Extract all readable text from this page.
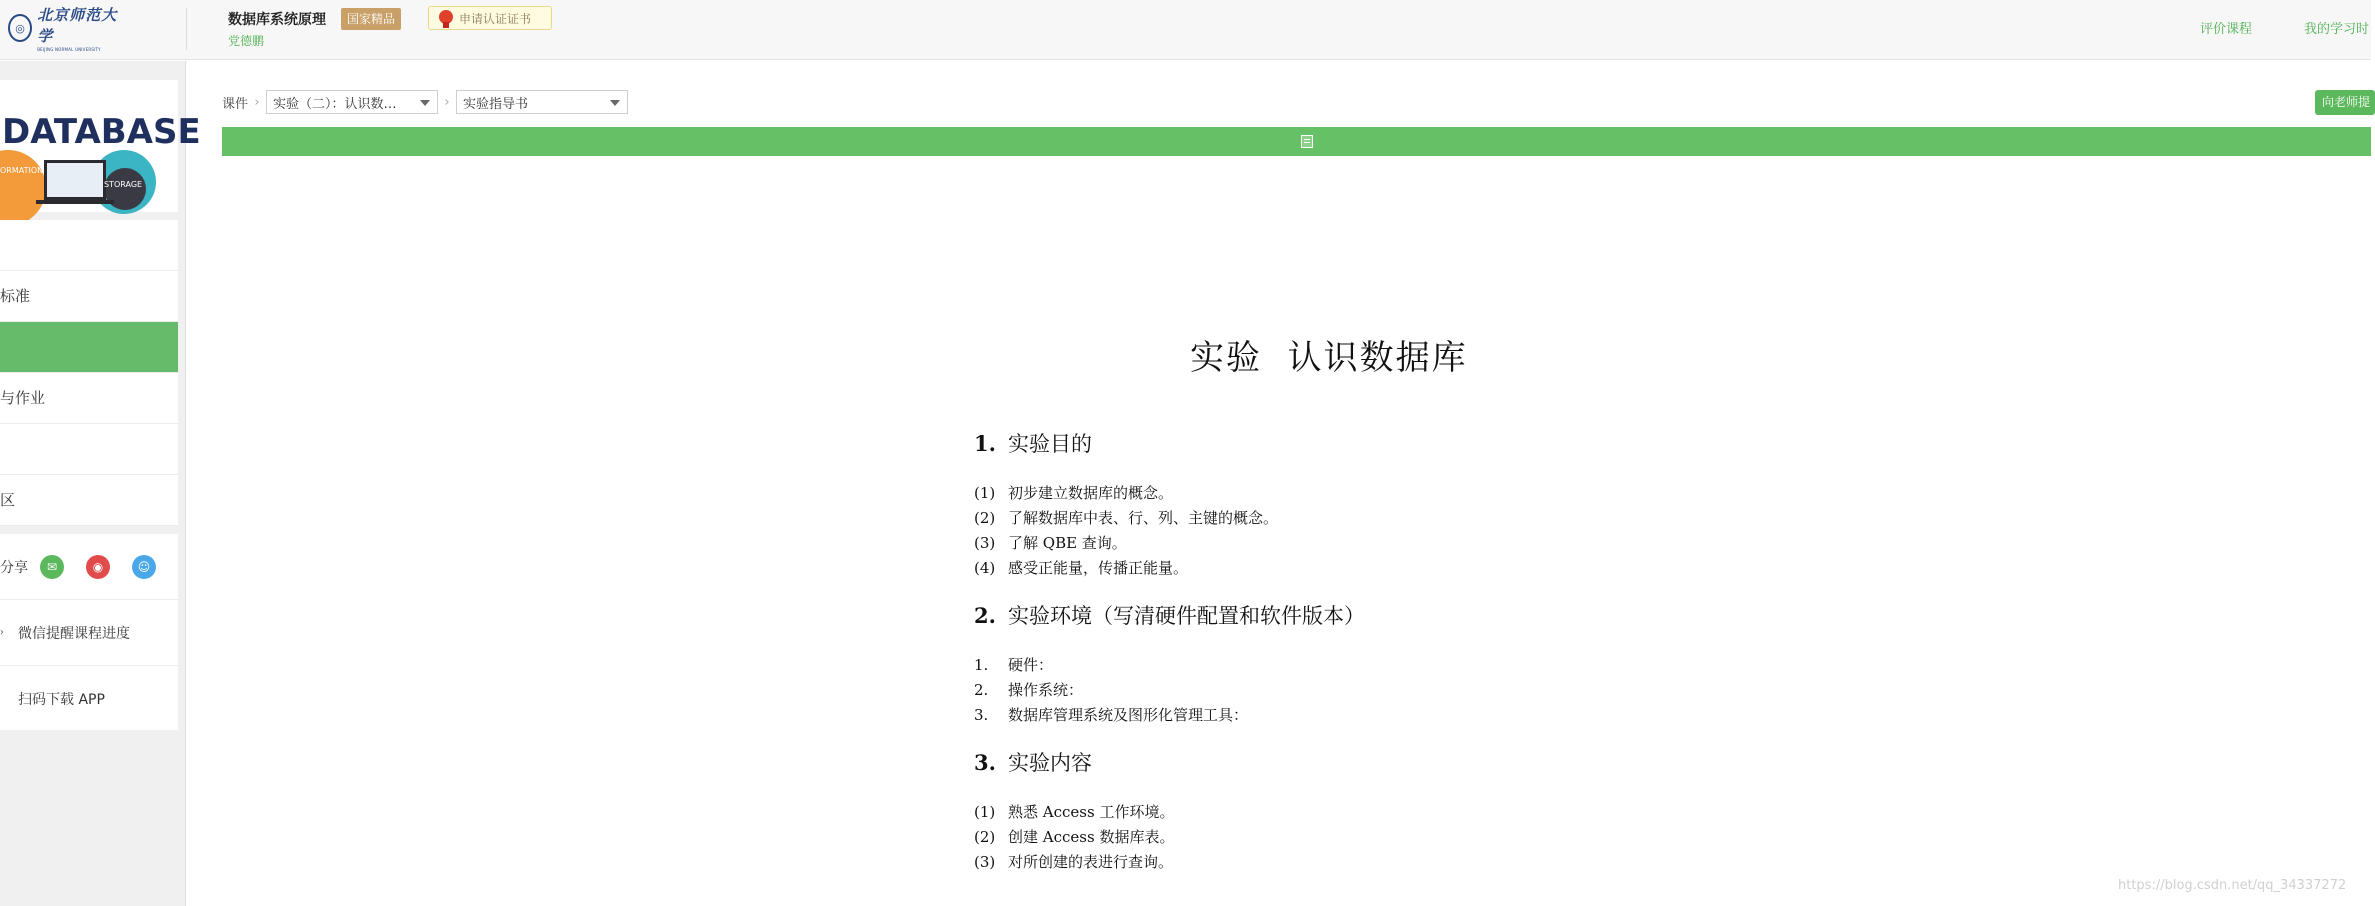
◎
北京师范大学
BEIJING NORMAL UNIVERSITY
数据库系统原理	国家精品	申请认证证书
党德鹏
评价课程	我的学习时
DATABASE
ORMATION
STORAGE
标准
与作业
区
分享	✉	◉	☺
› 微信提醒课程进度
扫码下载 APP
课件 ›	实验（二）：认识数…	›	实验指导书	向老师提
实验  认识数据库
1. 实验目的
(1) 初步建立数据库的概念。
(2) 了解数据库中表、行、列、主键的概念。
(3) 了解 QBE 查询。
(4) 感受正能量，传播正能量。
2. 实验环境（写清硬件配置和软件版本）
1. 硬件：
2. 操作系统：
3. 数据库管理系统及图形化管理工具：
3. 实验内容
(1) 熟悉 Access 工作环境。
(2) 创建 Access 数据库表。
(3) 对所创建的表进行查询。
https://blog.csdn.net/qq_34337272
